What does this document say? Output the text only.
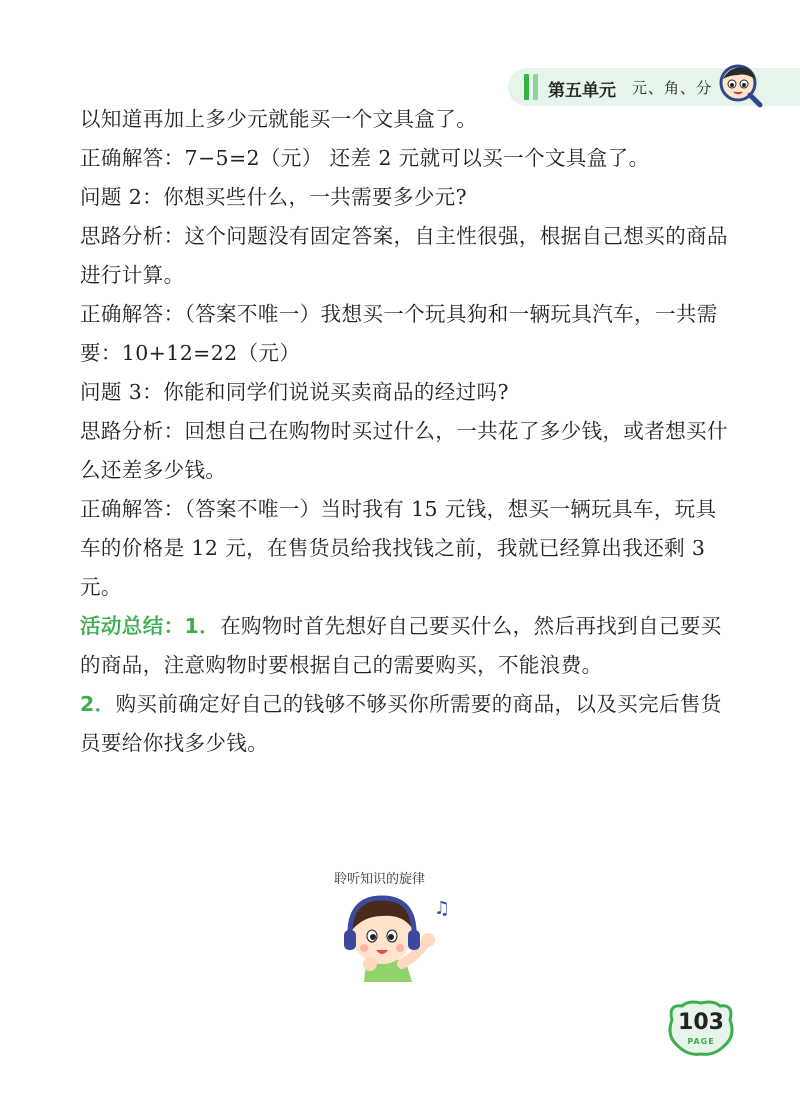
第五单元 元、角、分

以知道再加上多少元就能买一个文具盒了。

正确解答：7−5=2（元） 还差 2 元就可以买一个文具盒了。

问题 2：你想买些什么，一共需要多少元?

思路分析：这个问题没有固定答案，自主性很强，根据自己想买的商品进行计算。

正确解答：（答案不唯一）我想买一个玩具狗和一辆玩具汽车，一共需要：10+12=22（元）

问题 3：你能和同学们说说买卖商品的经过吗?

思路分析：回想自己在购物时买过什么，一共花了多少钱，或者想买什么还差多少钱。

正确解答：（答案不唯一）当时我有 15 元钱，想买一辆玩具车，玩具车的价格是 12 元，在售货员给我找钱之前，我就已经算出我还剩 3 元。

活动总结：1．在购物时首先想好自己要买什么，然后再找到自己要买的商品，注意购物时要根据自己的需要购买，不能浪费。

2．购买前确定好自己的钱够不够买你所需要的商品，以及买完后售货员要给你找多少钱。

聆听知识的旋律
♫
103
PAGE
